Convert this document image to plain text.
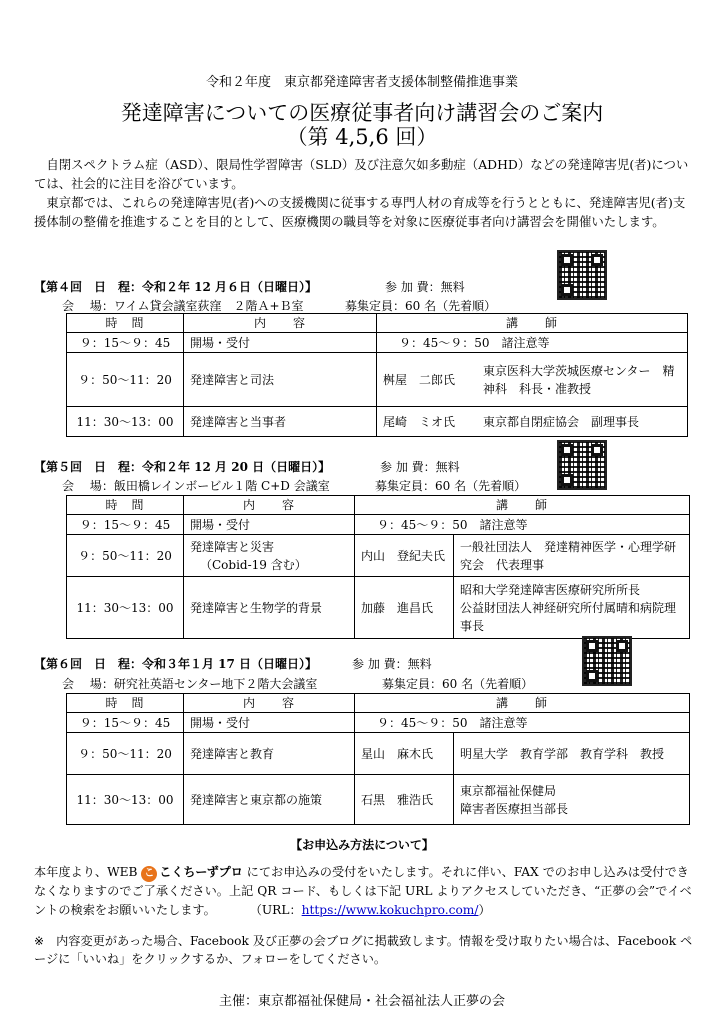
令和２年度　東京都発達障害者支援体制整備推進事業
発達障害についての医療従事者向け講習会のご案内
（第 4,5,6 回）

自閉スペクトラム症（ASD）、限局性学習障害（SLD）及び注意欠如多動症（ADHD）などの発達障害児(者)については、社会的に注目を浴びています。

東京都では、これらの発達障害児(者)への支援機関に従事する専門人材の育成等を行うとともに、発達障害児(者)支援体制の整備を推進することを目的として、医療機関の職員等を対象に医療従事者向け講習会を開催いたします。

【第４回　日　程：令和２年 12 月６日（日曜日）】	参 加 費：無料
会　 場：ワイム貸会議室荻窪　２階Ａ+Ｂ室	募集定員：60 名（先着順）
時　間	内　　容	講　　師	
９：15〜９：45	開場・受付	９：45〜９：50　諸注意等	
９：50〜11：20	発達障害と司法	桝屋　二郎氏	東京医科大学茨城医療センター　精神科　科長・准教授
11：30〜13：00	発達障害と当事者	尾崎　ミオ氏	東京都自閉症協会　副理事長
【第５回　日　程：令和２年 12 月 20 日（日曜日）】	参 加 費：無料
会　 場：飯田橋レインボービル１階 C+D 会議室	募集定員：60 名（先着順）
時　間	内　　容	講　　師	
９：15〜９：45	開場・受付	９：45〜９：50　諸注意等	
９：50〜11：20	発達障害と災害
（Cobid-19 含む）	内山　登紀夫氏	一般社団法人　発達精神医学・心理学研究会　代表理事
11：30〜13：00	発達障害と生物学的背景	加藤　進昌氏	昭和大学発達障害医療研究所所長
公益財団法人神経研究所付属晴和病院理事長
【第６回　日　程：令和３年１月 17 日（日曜日）】	参 加 費：無料
会　 場：研究社英語センター地下２階大会議室	募集定員：60 名（先着順）
時　間	内　　容	講　　師	
９：15〜９：45	開場・受付	９：45〜９：50　諸注意等	
９：50〜11：20	発達障害と教育	星山　麻木氏	明星大学　教育学部　教育学科　教授
11：30〜13：00	発達障害と東京都の施策	石黒　雅浩氏	東京都福祉保健局
障害者医療担当部長
【お申込み方法について】
本年度より、WEB こ こくちーずプロ にてお申込みの受付をいたします。それに伴い、FAX でのお申し込みは受付できなくなりますのでご了承ください。上記 QR コード、もしくは下記 URL よりアクセスしていただき、“正夢の会”でイベントの検索をお願いいたします。	（URL：https://www.kokuchpro.com/）
※ 内容変更があった場合、Facebook 及び正夢の会ブログに掲載致します。情報を受け取りたい場合は、Facebook ページに「いいね」をクリックするか、フォローをしてください。
主催：東京都福祉保健局・社会福祉法人正夢の会
